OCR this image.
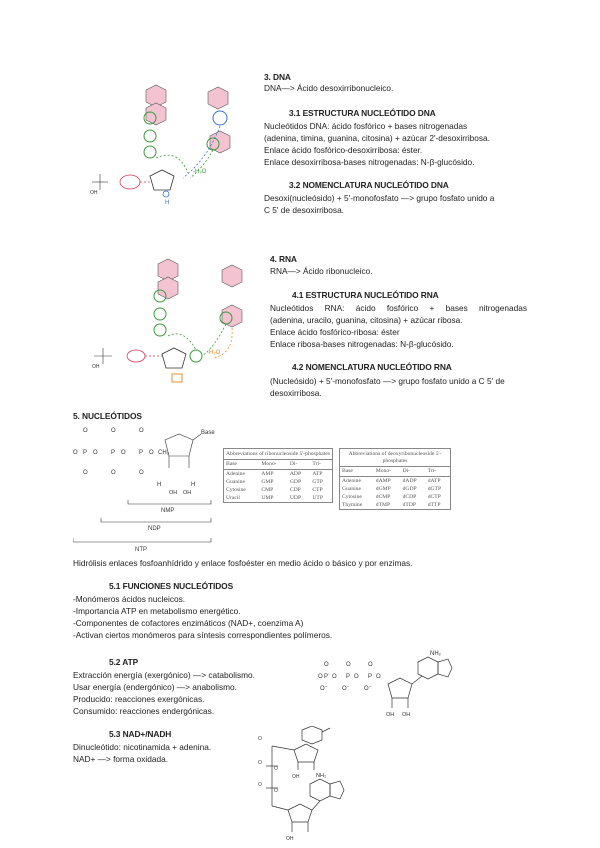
-H₂O
OH
H
3. DNA
DNA—> Ácido desoxirribonucleico.
3.1 ESTRUCTURA NUCLEÓTIDO DNA
Nucleótidos DNA: ácido fosfórico + bases nitrogenadas
(adenina, timina, guanina, citosina) + azúcar 2'-desoxirribosa.
Enlace ácido fosfórico-desoxirribosa: éster.
Enlace desoxirribosa-bases nitrogenadas: N-β-glucósido.
3.2 NOMENCLATURA NUCLEÓTIDO DNA
Desoxi(nucleósido) + 5'-monofosfato —> grupo fosfato unido a
C 5' de desoxirribosa.
-H₂O
OH
4. RNA
RNA—> Ácido ribonucleico.
4.1 ESTRUCTURA NUCLEÓTIDO RNA
Nucleótidos RNA: ácido fosfórico + bases nitrogenadas
(adenina, uracilo, guanina, citosina) + azúcar ribosa.
Enlace ácido fosfórico-ribosa: éster
Enlace ribosa-bases nitrogenadas: N-β-glucósido.
4.2 NOMENCLATURA NUCLEÓTIDO RNA
(Nucleósido) + 5'-monofosfato —> grupo fosfato unido a C 5' de
desoxirribosa.
5. NUCLEÓTIDOS
O	O	O
O P O P O P O
O	O	O
CH₂
H	H
OH OH
Base
NMP
NDP
NTP
Abbreviations of ribonucleoside 5'-phosphates
Base	Mono-	Di-	Tri-
Adenine	AMP	ADP	ATP
Guanine	GMP	GDP	GTP
Cytosine	CMP	CDP	CTP
Uracil	UMP	UDP	UTP
Abbreviations of deoxyribonucleoside 5'-phosphates
Base	Mono-	Di-	Tri-
Adenine	dAMP	dADP	dATP
Guanine	dGMP	dGDP	dGTP
Cytosine	dCMP	dCDP	dCTP
Thymine	dTMP	dTDP	dTTP
Hidrólisis enlaces fosfoanhídrido y enlace fosfoéster en medio ácido o básico y por enzimas.
5.1 FUNCIONES NUCLEÓTIDOS
-Monómeros ácidos nucleicos.
-Importancia ATP en metabolismo energético.
-Componentes de cofactores enzimáticos (NAD+, coenzima A)
-Activan ciertos monómeros para síntesis correspondientes polímeros.
5.2 ATP
Extracción energía (exergónico) —> catabolismo.
Usar energía (endergónico) —> anabolismo.
Producido: reacciones exergónicas.
Consumido: reacciones endergónicas.
O	O	O
O P O P O P O
O⁻ O⁻ O⁻
NH₂
OH OH
5.3 NAD+/NADH
Dinucleótido: nicotinamida + adenina.
NAD+ —> forma oxidada.
O
O
O
O
O
NH₂
OH
OH
